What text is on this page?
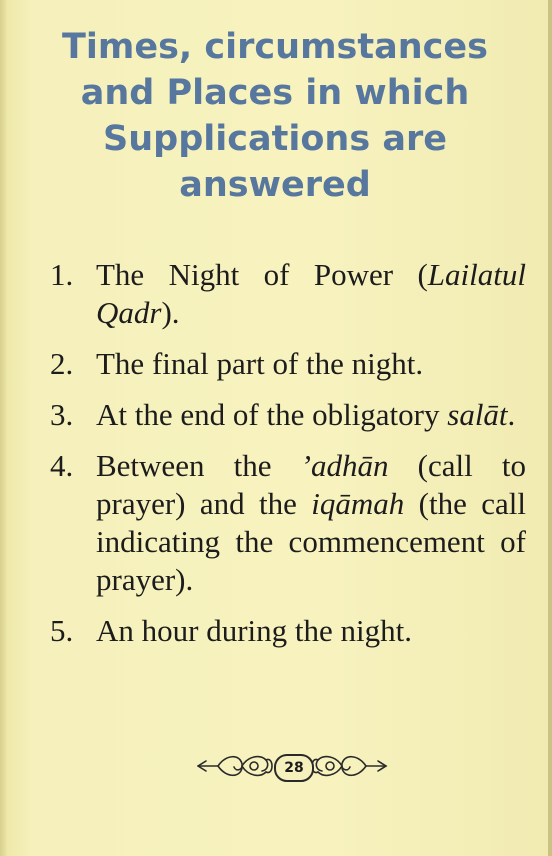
Times, circumstances
and Places in which
Supplications are
answered
1. The Night of Power (Lailatul Qadr).
2. The final part of the night.
3. At the end of the obligatory salāt.
4. Between the ’adhān (call to prayer) and the iqāmah (the call indicating the commencement of prayer).
5. An hour during the night.
28
